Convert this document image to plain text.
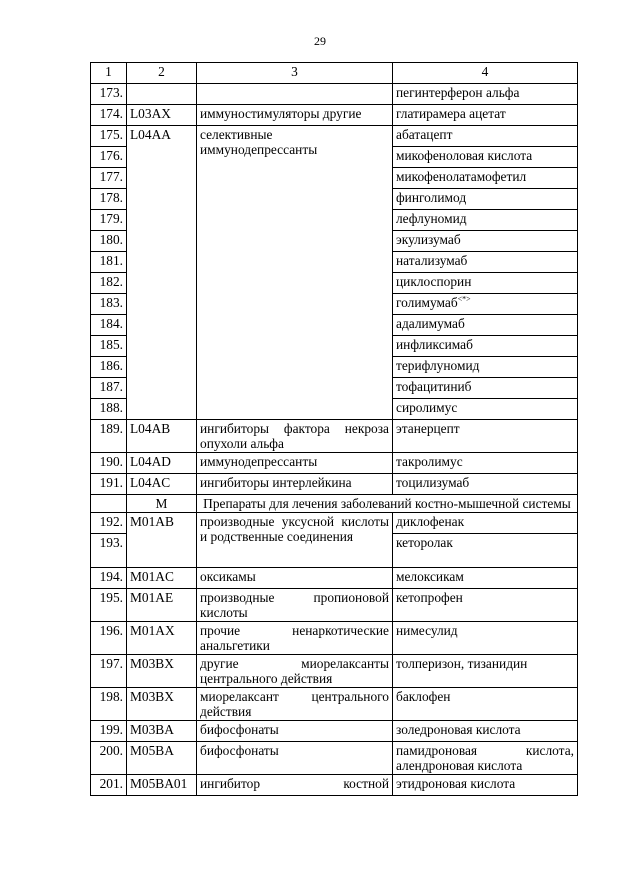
29
1	2	3	4
173.			пегинтерферон альфа
174.	L03AX	иммуностимуляторы другие	глатирамера ацетат
175.	L04AA	селективные иммунодепрессанты	абатацепт
176.			микофеноловая кислота
177.			микофенолатамофетил
178.			финголимод
179.			лефлуномид
180.			экулизумаб
181.			натализумаб
182.			циклоспорин
183.			голимумаб<*>
184.			адалимумаб
185.			инфликсимаб
186.			терифлуномид
187.			тофацитиниб
188.			сиролимус
189.	L04AB	ингибиторы фактора некроза опухоли альфа	этанерцепт
190.	L04AD	иммунодепрессанты	такролимус
191.	L04AC	ингибиторы интерлейкина	тоцилизумаб
	M	Препараты для лечения заболеваний костно-мышечной системы	
192.	M01AB	производные уксусной кислоты и родственные соединения	диклофенак
193.			кеторолак
194.	M01AC	оксикамы	мелоксикам
195.	M01AE	производные пропионовой кислоты	кетопрофен
196.	M01AX	прочие ненаркотические анальгетики	нимесулид
197.	M03BX	другие миорелаксанты центрального действия	толперизон, тизанидин
198.	M03BX	миорелаксант центрального действия	баклофен
199.	M03BA	бифосфонаты	золедроновая кислота
200.	M05BA	бифосфонаты	памидроновая кислота, алендроновая кислота
201.	M05BA01	ингибитор костной	этидроновая кислота
